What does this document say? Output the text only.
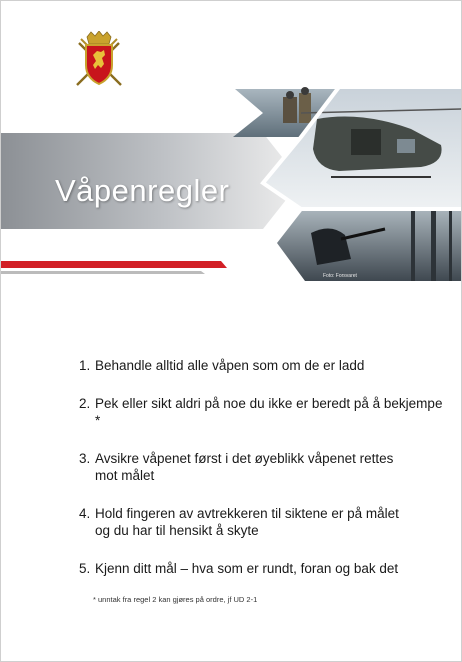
Våpenregler
Foto: Forsvaret
1. Behandle alltid alle våpen som om de er ladd
2. Pek eller sikt aldri på noe du ikke er beredt på å bekjempe *
3. Avsikre våpenet først i det øyeblikk våpenet rettes
mot målet
4. Hold fingeren av avtrekkeren til siktene er på målet
og du har til hensikt å skyte
5. Kjenn ditt mål – hva som er rundt, foran og bak det
* unntak fra regel 2 kan gjøres på ordre, jf UD 2-1
